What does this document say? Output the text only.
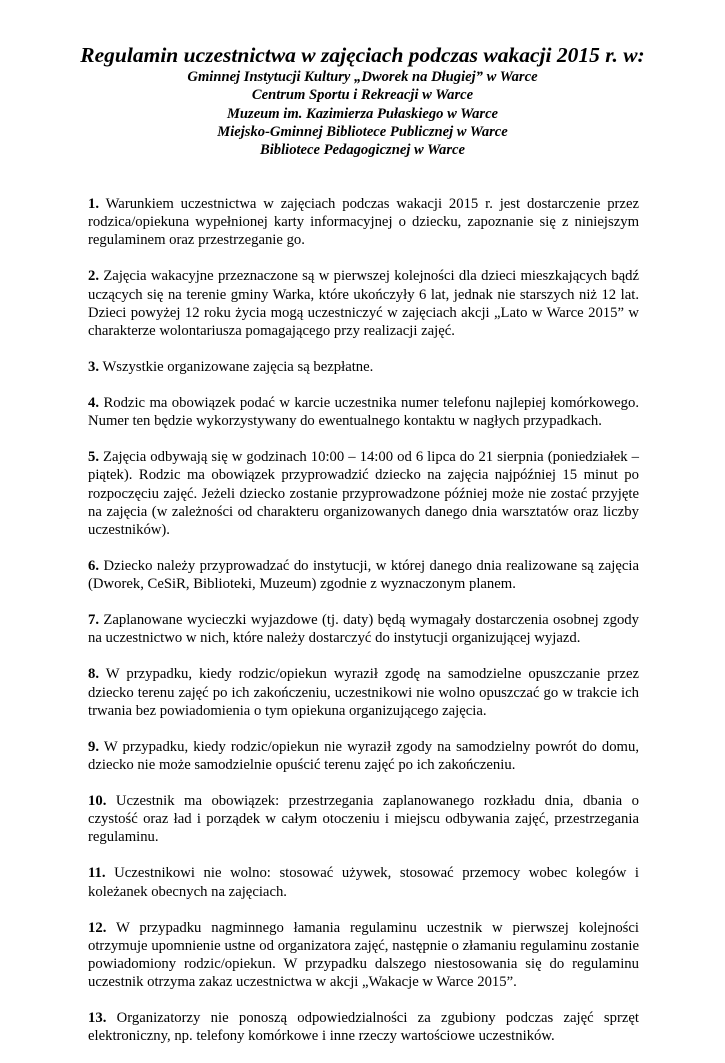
Regulamin uczestnictwa w zajęciach podczas wakacji 2015 r. w:
Gminnej Instytucji Kultury „Dworek na Długiej” w Warce
Centrum Sportu i Rekreacji w Warce
Muzeum im. Kazimierza Pułaskiego w Warce
Miejsko-Gminnej Bibliotece Publicznej w Warce
Bibliotece Pedagogicznej w Warce

1. Warunkiem uczestnictwa w zajęciach podczas wakacji 2015 r. jest dostarczenie przez rodzica/opiekuna wypełnionej karty informacyjnej o dziecku, zapoznanie się z niniejszym regulaminem oraz przestrzeganie go.

2. Zajęcia wakacyjne przeznaczone są w pierwszej kolejności dla dzieci mieszkających bądź uczących się na terenie gminy Warka, które ukończyły 6 lat, jednak nie starszych niż 12 lat. Dzieci powyżej 12 roku życia mogą uczestniczyć w zajęciach akcji „Lato w Warce 2015” w charakterze wolontariusza pomagającego przy realizacji zajęć.

3. Wszystkie organizowane zajęcia są bezpłatne.

4. Rodzic ma obowiązek podać w karcie uczestnika numer telefonu najlepiej komórkowego. Numer ten będzie wykorzystywany do ewentualnego kontaktu w nagłych przypadkach.

5. Zajęcia odbywają się w godzinach 10:00 – 14:00 od 6 lipca do 21 sierpnia (poniedziałek – piątek). Rodzic ma obowiązek przyprowadzić dziecko na zajęcia najpóźniej 15 minut po rozpoczęciu zajęć. Jeżeli dziecko zostanie przyprowadzone później może nie zostać przyjęte na zajęcia (w zależności od charakteru organizowanych danego dnia warsztatów oraz liczby uczestników).

6. Dziecko należy przyprowadzać do instytucji, w której danego dnia realizowane są zajęcia (Dworek, CeSiR, Biblioteki, Muzeum) zgodnie z wyznaczonym planem.

7. Zaplanowane wycieczki wyjazdowe (tj. daty) będą wymagały dostarczenia osobnej zgody na uczestnictwo w nich, które należy dostarczyć do instytucji organizującej wyjazd.

8. W przypadku, kiedy rodzic/opiekun wyraził zgodę na samodzielne opuszczanie przez dziecko terenu zajęć po ich zakończeniu, uczestnikowi nie wolno opuszczać go w trakcie ich trwania bez powiadomienia o tym opiekuna organizującego zajęcia.

9. W przypadku, kiedy rodzic/opiekun nie wyraził zgody na samodzielny powrót do domu, dziecko nie może samodzielnie opuścić terenu zajęć po ich zakończeniu.

10. Uczestnik ma obowiązek: przestrzegania zaplanowanego rozkładu dnia, dbania o czystość oraz ład i porządek w całym otoczeniu i miejscu odbywania zajęć, przestrzegania regulaminu.

11. Uczestnikowi nie wolno: stosować używek, stosować przemocy wobec kolegów i koleżanek obecnych na zajęciach.

12. W przypadku nagminnego łamania regulaminu uczestnik w pierwszej kolejności otrzymuje upomnienie ustne od organizatora zajęć, następnie o złamaniu regulaminu zostanie powiadomiony rodzic/opiekun. W przypadku dalszego niestosowania się do regulaminu uczestnik otrzyma zakaz uczestnictwa w akcji „Wakacje w Warce 2015”.

13. Organizatorzy nie ponoszą odpowiedzialności za zgubiony podczas zajęć sprzęt elektroniczny, np. telefony komórkowe i inne rzeczy wartościowe uczestników.
